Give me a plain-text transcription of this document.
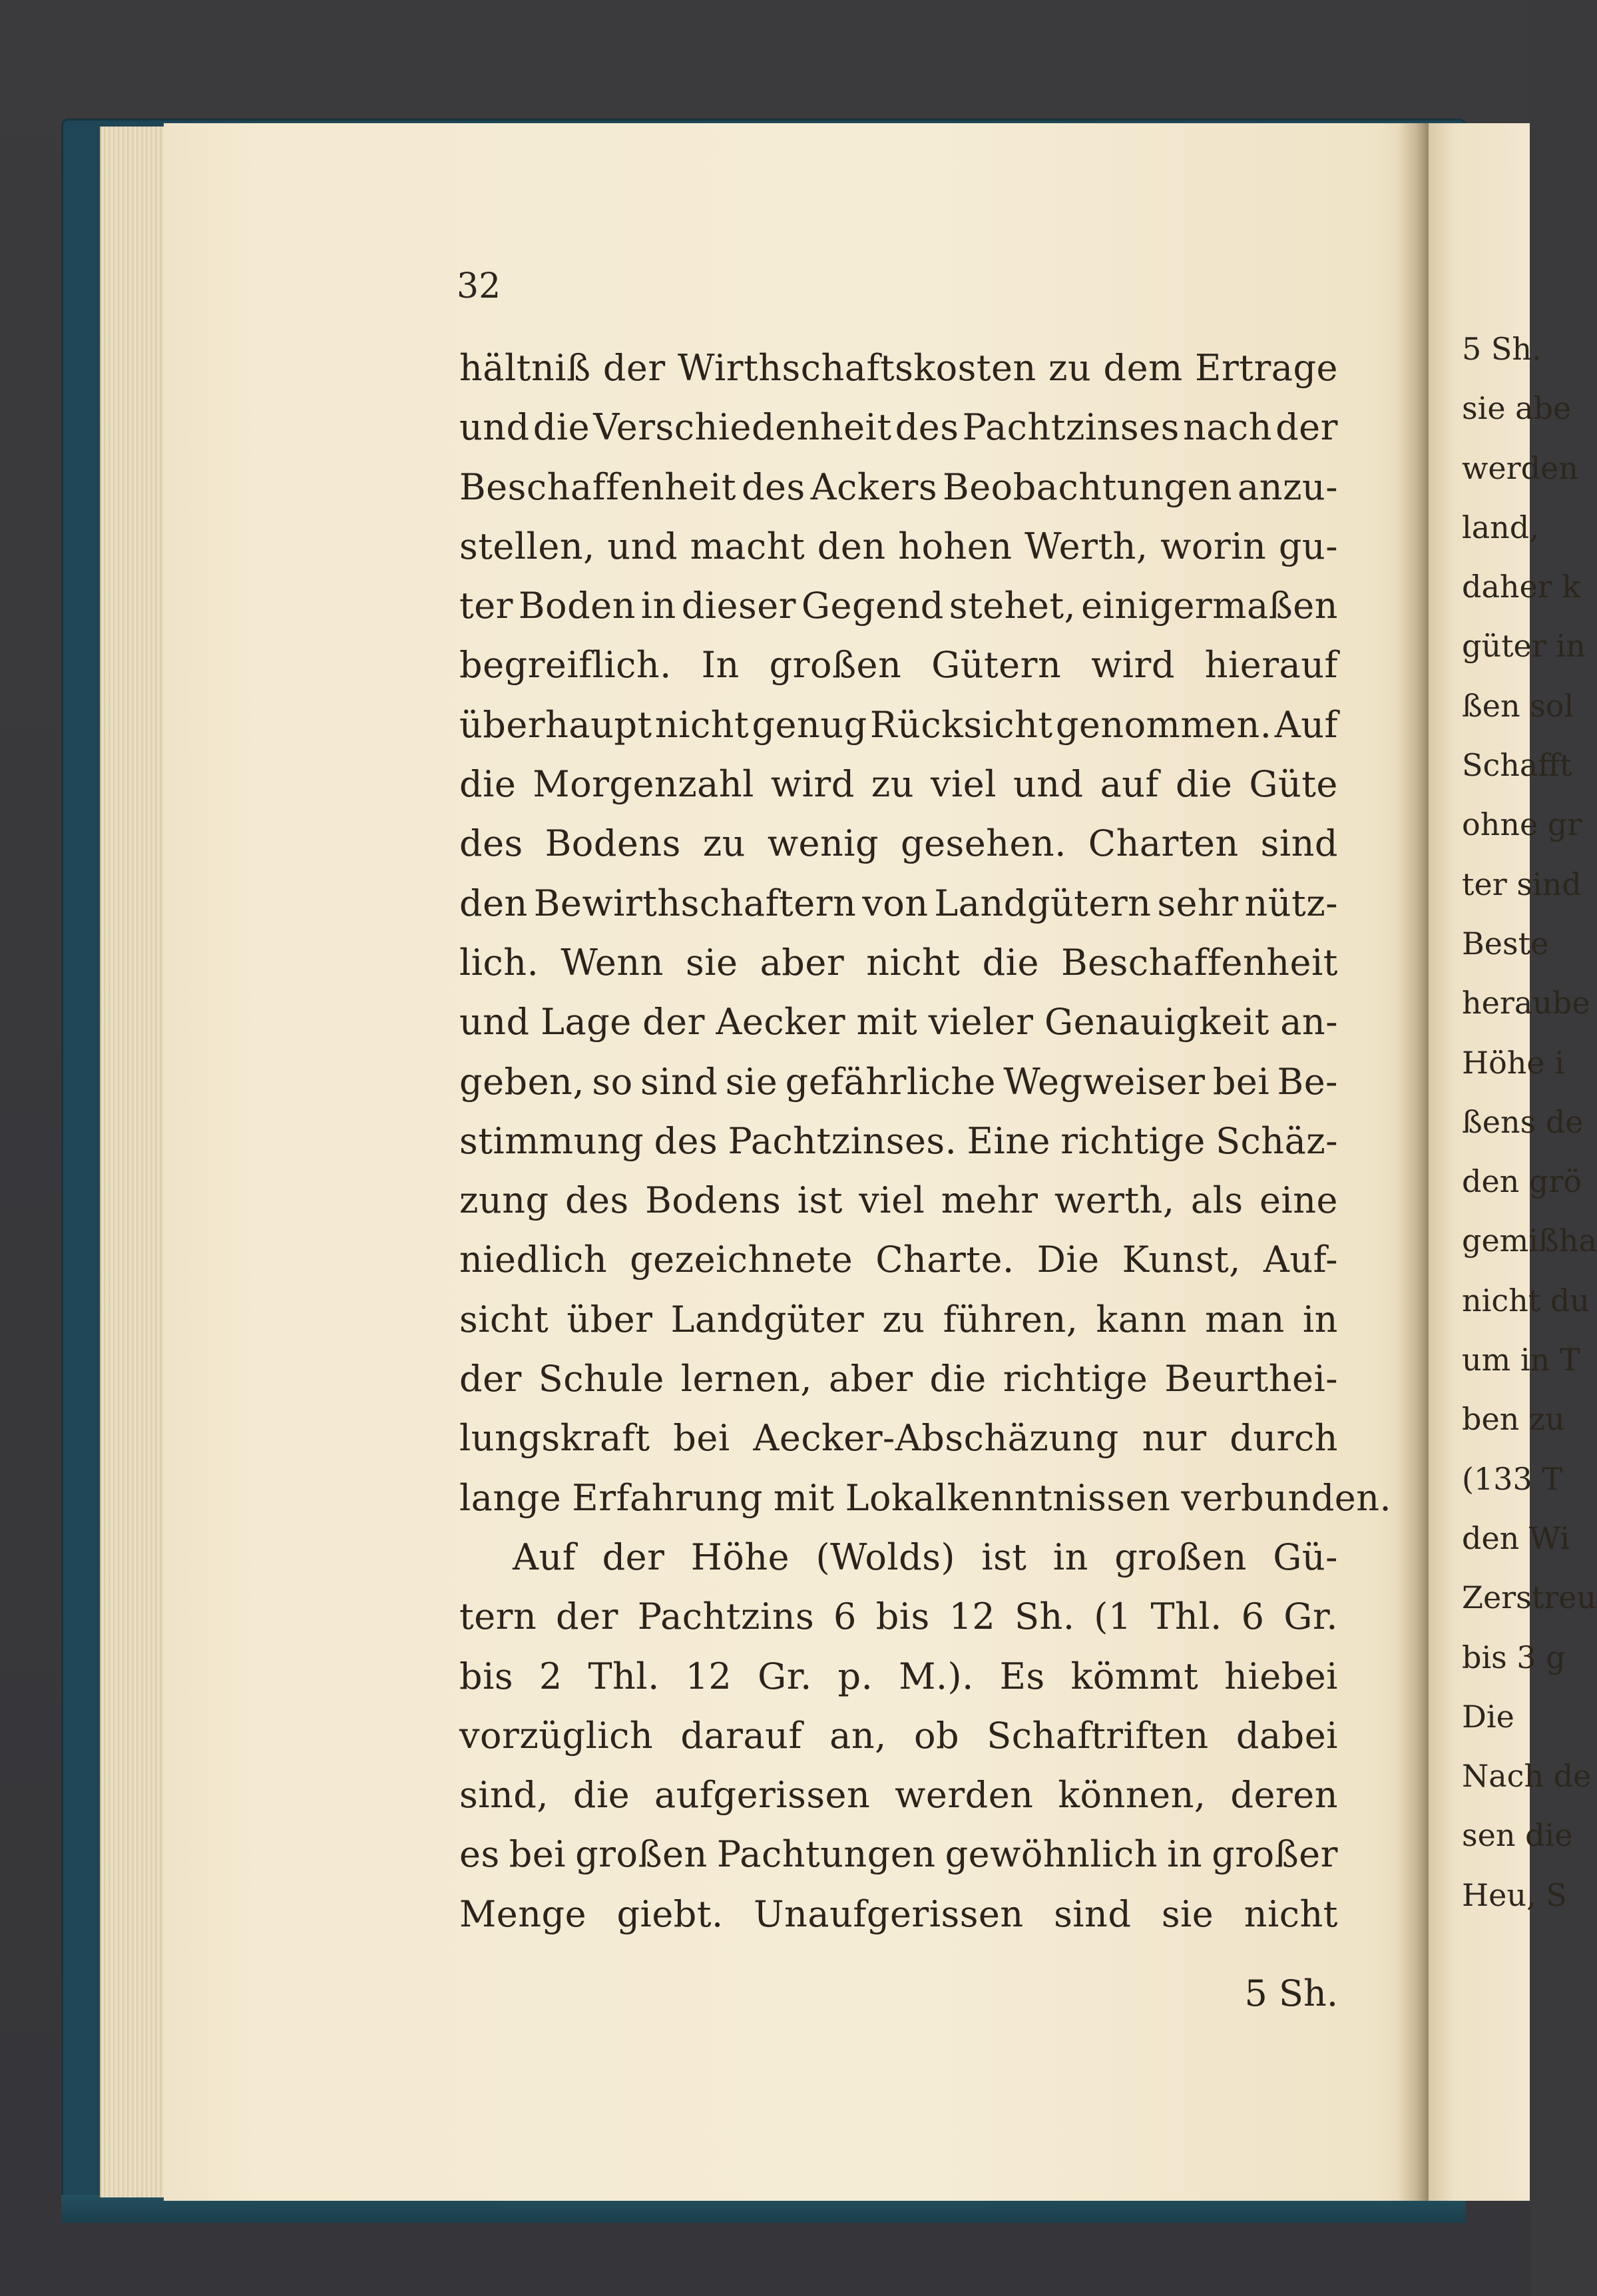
32
hältniß der Wirthschaftskosten zu dem Ertrage
und die Verschiedenheit des Pachtzinses nach der
Beschaffenheit des Ackers Beobachtungen anzu-
stellen, und macht den hohen Werth, worin gu-
ter Boden in dieser Gegend stehet, einigermaßen
begreiflich. In großen Gütern wird hierauf
überhaupt nicht genug Rücksicht genommen. Auf
die Morgenzahl wird zu viel und auf die Güte
des Bodens zu wenig gesehen. Charten sind
den Bewirthschaftern von Landgütern sehr nütz-
lich. Wenn sie aber nicht die Beschaffenheit
und Lage der Aecker mit vieler Genauigkeit an-
geben, so sind sie gefährliche Wegweiser bei Be-
stimmung des Pachtzinses. Eine richtige Schäz-
zung des Bodens ist viel mehr werth, als eine
niedlich gezeichnete Charte. Die Kunst, Auf-
sicht über Landgüter zu führen, kann man in
der Schule lernen, aber die richtige Beurthei-
lungskraft bei Aecker-Abschäzung nur durch
lange Erfahrung mit Lokalkenntnissen verbunden.
Auf der Höhe (Wolds) ist in großen Gü-
tern der Pachtzins 6 bis 12 Sh. (1 Thl. 6 Gr.
bis 2 Thl. 12 Gr. p. M.). Es kömmt hiebei
vorzüglich darauf an, ob Schaftriften dabei
sind, die aufgerissen werden können, deren
es bei großen Pachtungen gewöhnlich in großer
Menge giebt. Unaufgerissen sind sie nicht
5 Sh.
5 Sh.
sie abe
werden
land,
daher k
güter in
ßen sol
Schafft
ohne gr
ter sind
Beste
heraube
Höhe i
ßens de
den grö
gemißha
nicht du
um in T
ben zu
(133 T
den Wi
Zerstreu
bis 3 g
Die
Nach de
sen die
Heu, S
